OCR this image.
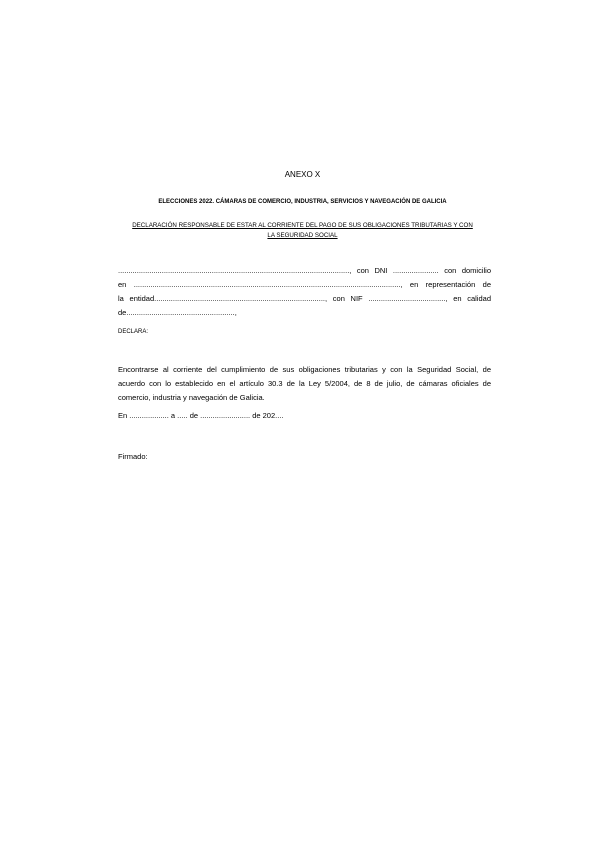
ANEXO X
ELECCIONES 2022. CÁMARAS DE COMERCIO, INDUSTRIA, SERVICIOS Y NAVEGACIÓN DE GALICIA
DECLARACIÓN RESPONSABLE DE ESTAR AL CORRIENTE DEL PAGO DE SUS OBLIGACIONES TRIBUTARIAS Y CON
LA SEGURIDAD SOCIAL
..............................................................................................................., con DNI ...................... con domicilio
en ................................................................................................................................, en representación de
la entidad.................................................................................., con NIF ....................................., en calidad
de....................................................,
DECLARA:
Encontrarse al corriente del cumplimiento de sus obligaciones tributarias y con la Seguridad Social, de
acuerdo con lo establecido en el artículo 30.3 de la Ley 5/2004, de 8 de julio, de cámaras oficiales de
comercio, industria y navegación de Galicia.
En ................... a ..... de ........................ de 202....
Firmado:
